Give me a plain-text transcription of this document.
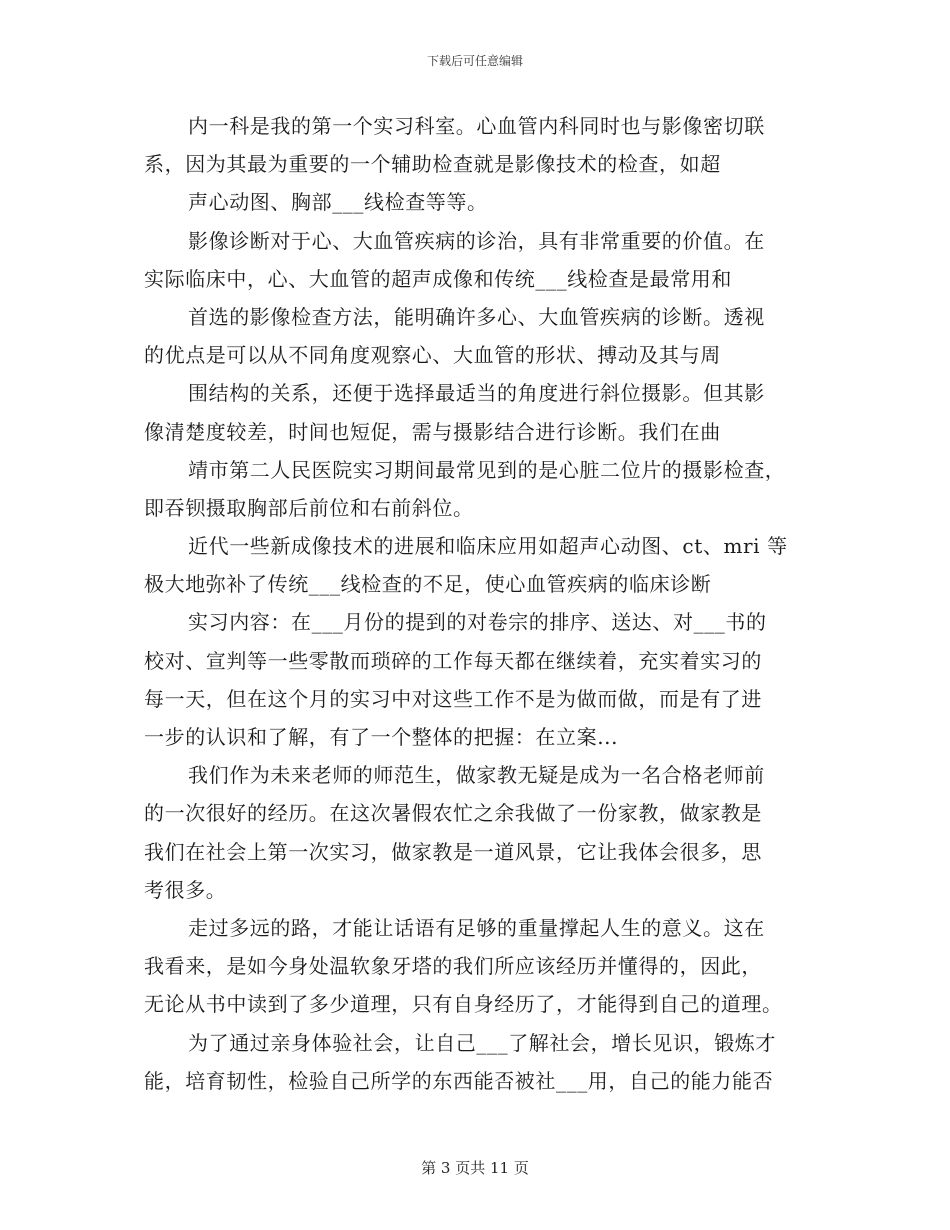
下载后可任意编辑
内一科是我的第一个实习科室。心血管内科同时也与影像密切联
系，因为其最为重要的一个辅助检查就是影像技术的检查，如超
声心动图、胸部___线检查等等。
影像诊断对于心、大血管疾病的诊治，具有非常重要的价值。在
实际临床中，心、大血管的超声成像和传统___线检查是最常用和
首选的影像检查方法，能明确许多心、大血管疾病的诊断。透视
的优点是可以从不同角度观察心、大血管的形状、搏动及其与周
围结构的关系，还便于选择最适当的角度进行斜位摄影。但其影
像清楚度较差，时间也短促，需与摄影结合进行诊断。我们在曲
靖市第二人民医院实习期间最常见到的是心脏二位片的摄影检查，
即吞钡摄取胸部后前位和右前斜位。
近代一些新成像技术的进展和临床应用如超声心动图、ct、mri 等
极大地弥补了传统___线检查的不足，使心血管疾病的临床诊断
实习内容：在___月份的提到的对卷宗的排序、送达、对___书的
校对、宣判等一些零散而琐碎的工作每天都在继续着，充实着实习的
每一天，但在这个月的实习中对这些工作不是为做而做，而是有了进
一步的认识和了解，有了一个整体的把握：在立案...
我们作为未来老师的师范生，做家教无疑是成为一名合格老师前
的一次很好的经历。在这次暑假农忙之余我做了一份家教，做家教是
我们在社会上第一次实习，做家教是一道风景，它让我体会很多，思
考很多。
走过多远的路，才能让话语有足够的重量撑起人生的意义。这在
我看来，是如今身处温软象牙塔的我们所应该经历并懂得的，因此，
无论从书中读到了多少道理，只有自身经历了，才能得到自己的道理。
为了通过亲身体验社会，让自己___了解社会，增长见识，锻炼才
能，培育韧性，检验自己所学的东西能否被社___用，自己的能力能否
第 3 页共 11 页
